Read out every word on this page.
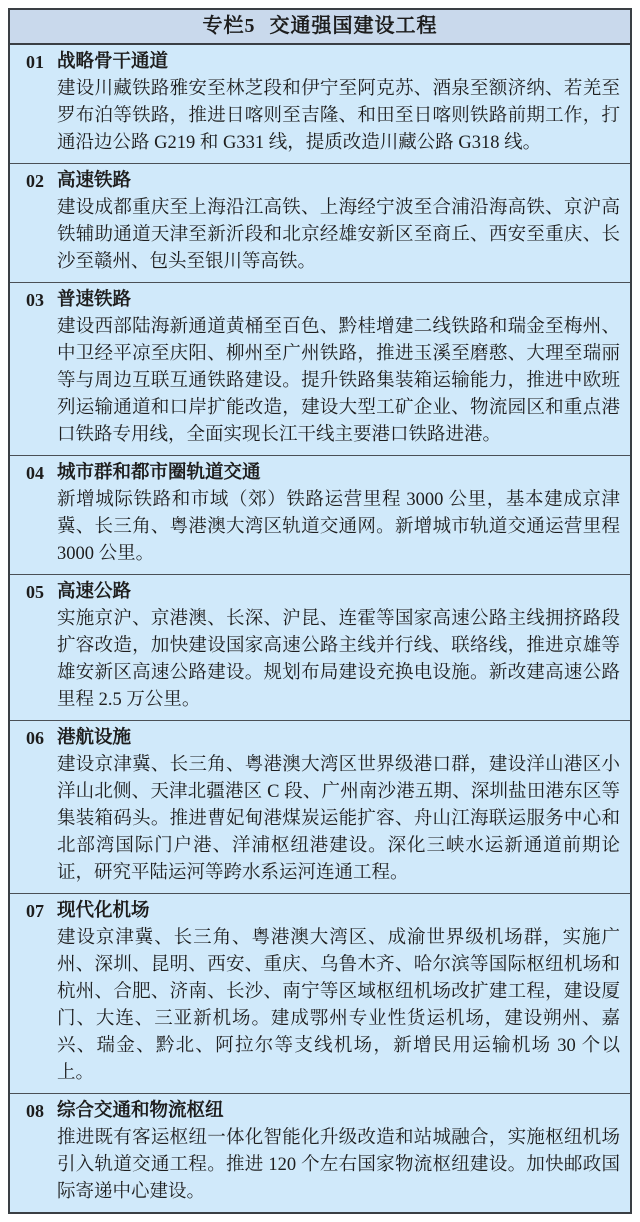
专栏5 交通强国建设工程
01 战略骨干通道
建设川藏铁路雅安至林芝段和伊宁至阿克苏、酒泉至额济纳、若羌至罗布泊等铁路，推进日喀则至吉隆、和田至日喀则铁路前期工作，打通沿边公路 G219 和 G331 线，提质改造川藏公路 G318 线。
02 高速铁路
建设成都重庆至上海沿江高铁、上海经宁波至合浦沿海高铁、京沪高铁辅助通道天津至新沂段和北京经雄安新区至商丘、西安至重庆、长沙至赣州、包头至银川等高铁。
03 普速铁路
建设西部陆海新通道黄桶至百色、黔桂增建二线铁路和瑞金至梅州、中卫经平凉至庆阳、柳州至广州铁路，推进玉溪至磨憨、大理至瑞丽等与周边互联互通铁路建设。提升铁路集装箱运输能力，推进中欧班列运输通道和口岸扩能改造，建设大型工矿企业、物流园区和重点港口铁路专用线，全面实现长江干线主要港口铁路进港。
04 城市群和都市圈轨道交通
新增城际铁路和市域（郊）铁路运营里程 3000 公里，基本建成京津冀、长三角、粤港澳大湾区轨道交通网。新增城市轨道交通运营里程 3000 公里。
05 高速公路
实施京沪、京港澳、长深、沪昆、连霍等国家高速公路主线拥挤路段扩容改造，加快建设国家高速公路主线并行线、联络线，推进京雄等雄安新区高速公路建设。规划布局建设充换电设施。新改建高速公路里程 2.5 万公里。
06 港航设施
建设京津冀、长三角、粤港澳大湾区世界级港口群，建设洋山港区小洋山北侧、天津北疆港区 C 段、广州南沙港五期、深圳盐田港东区等集装箱码头。推进曹妃甸港煤炭运能扩容、舟山江海联运服务中心和北部湾国际门户港、洋浦枢纽港建设。深化三峡水运新通道前期论证，研究平陆运河等跨水系运河连通工程。
07 现代化机场
建设京津冀、长三角、粤港澳大湾区、成渝世界级机场群，实施广州、深圳、昆明、西安、重庆、乌鲁木齐、哈尔滨等国际枢纽机场和杭州、合肥、济南、长沙、南宁等区域枢纽机场改扩建工程，建设厦门、大连、三亚新机场。建成鄂州专业性货运机场，建设朔州、嘉兴、瑞金、黔北、阿拉尔等支线机场，新增民用运输机场 30 个以上。
08 综合交通和物流枢纽
推进既有客运枢纽一体化智能化升级改造和站城融合，实施枢纽机场引入轨道交通工程。推进 120 个左右国家物流枢纽建设。加快邮政国际寄递中心建设。
